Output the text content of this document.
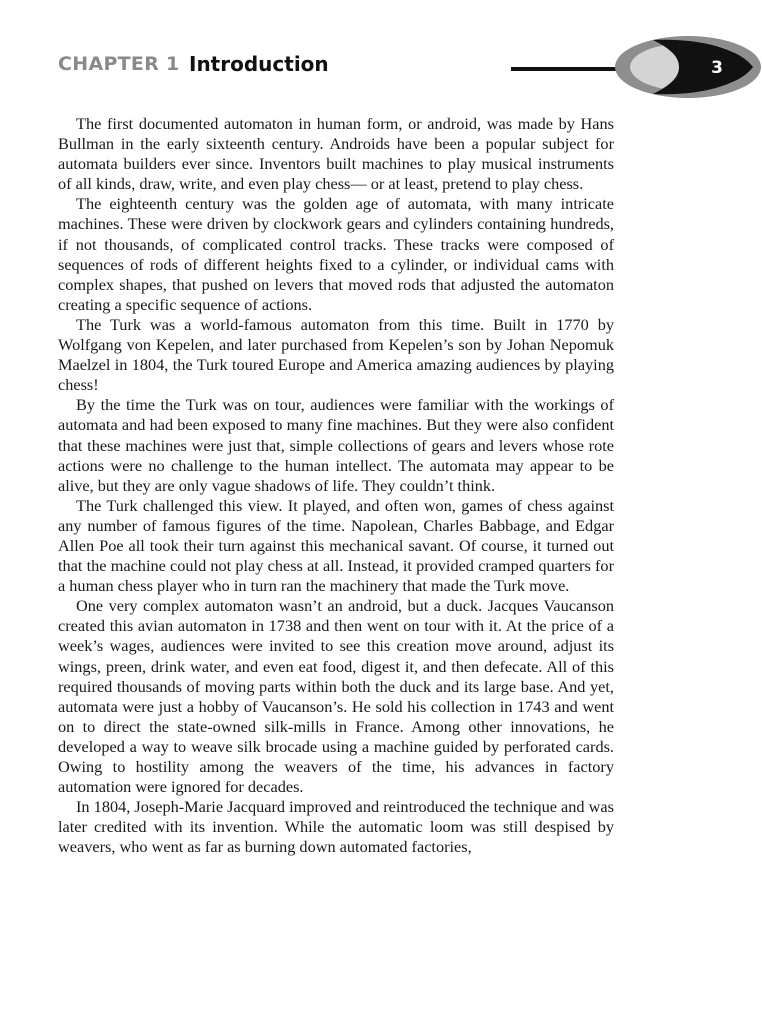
CHAPTER 1 Introduction	3

The first documented automaton in human form, or android, was made by Hans Bullman in the early sixteenth century. Androids have been a popular subject for automata builders ever since. Inventors built machines to play musical instruments of all kinds, draw, write, and even play chess— or at least, pretend to play chess.

The eighteenth century was the golden age of automata, with many intricate machines. These were driven by clockwork gears and cylinders containing hundreds, if not thousands, of complicated control tracks. These tracks were composed of sequences of rods of different heights fixed to a cylinder, or individual cams with complex shapes, that pushed on levers that moved rods that adjusted the automaton creating a specific sequence of actions.

The Turk was a world-famous automaton from this time. Built in 1770 by Wolfgang von Kepelen, and later purchased from Kepelen’s son by Johan Nepomuk Maelzel in 1804, the Turk toured Europe and America amazing audiences by playing chess!

By the time the Turk was on tour, audiences were familiar with the workings of automata and had been exposed to many fine machines. But they were also confident that these machines were just that, simple collections of gears and levers whose rote actions were no challenge to the human intellect. The automata may appear to be alive, but they are only vague shadows of life. They couldn’t think.

The Turk challenged this view. It played, and often won, games of chess against any number of famous figures of the time. Napolean, Charles Babbage, and Edgar Allen Poe all took their turn against this mechanical savant. Of course, it turned out that the machine could not play chess at all. Instead, it provided cramped quarters for a human chess player who in turn ran the machinery that made the Turk move.

One very complex automaton wasn’t an android, but a duck. Jacques Vaucanson created this avian automaton in 1738 and then went on tour with it. At the price of a week’s wages, audiences were invited to see this creation move around, adjust its wings, preen, drink water, and even eat food, digest it, and then defecate. All of this required thousands of moving parts within both the duck and its large base. And yet, automata were just a hobby of Vaucanson’s. He sold his collection in 1743 and went on to direct the state-owned silk-mills in France. Among other innovations, he developed a way to weave silk brocade using a machine guided by perforated cards. Owing to hostility among the weavers of the time, his advances in factory automation were ignored for decades.

In 1804, Joseph-Marie Jacquard improved and reintroduced the technique and was later credited with its invention. While the automatic loom was still despised by weavers, who went as far as burning down automated factories,
